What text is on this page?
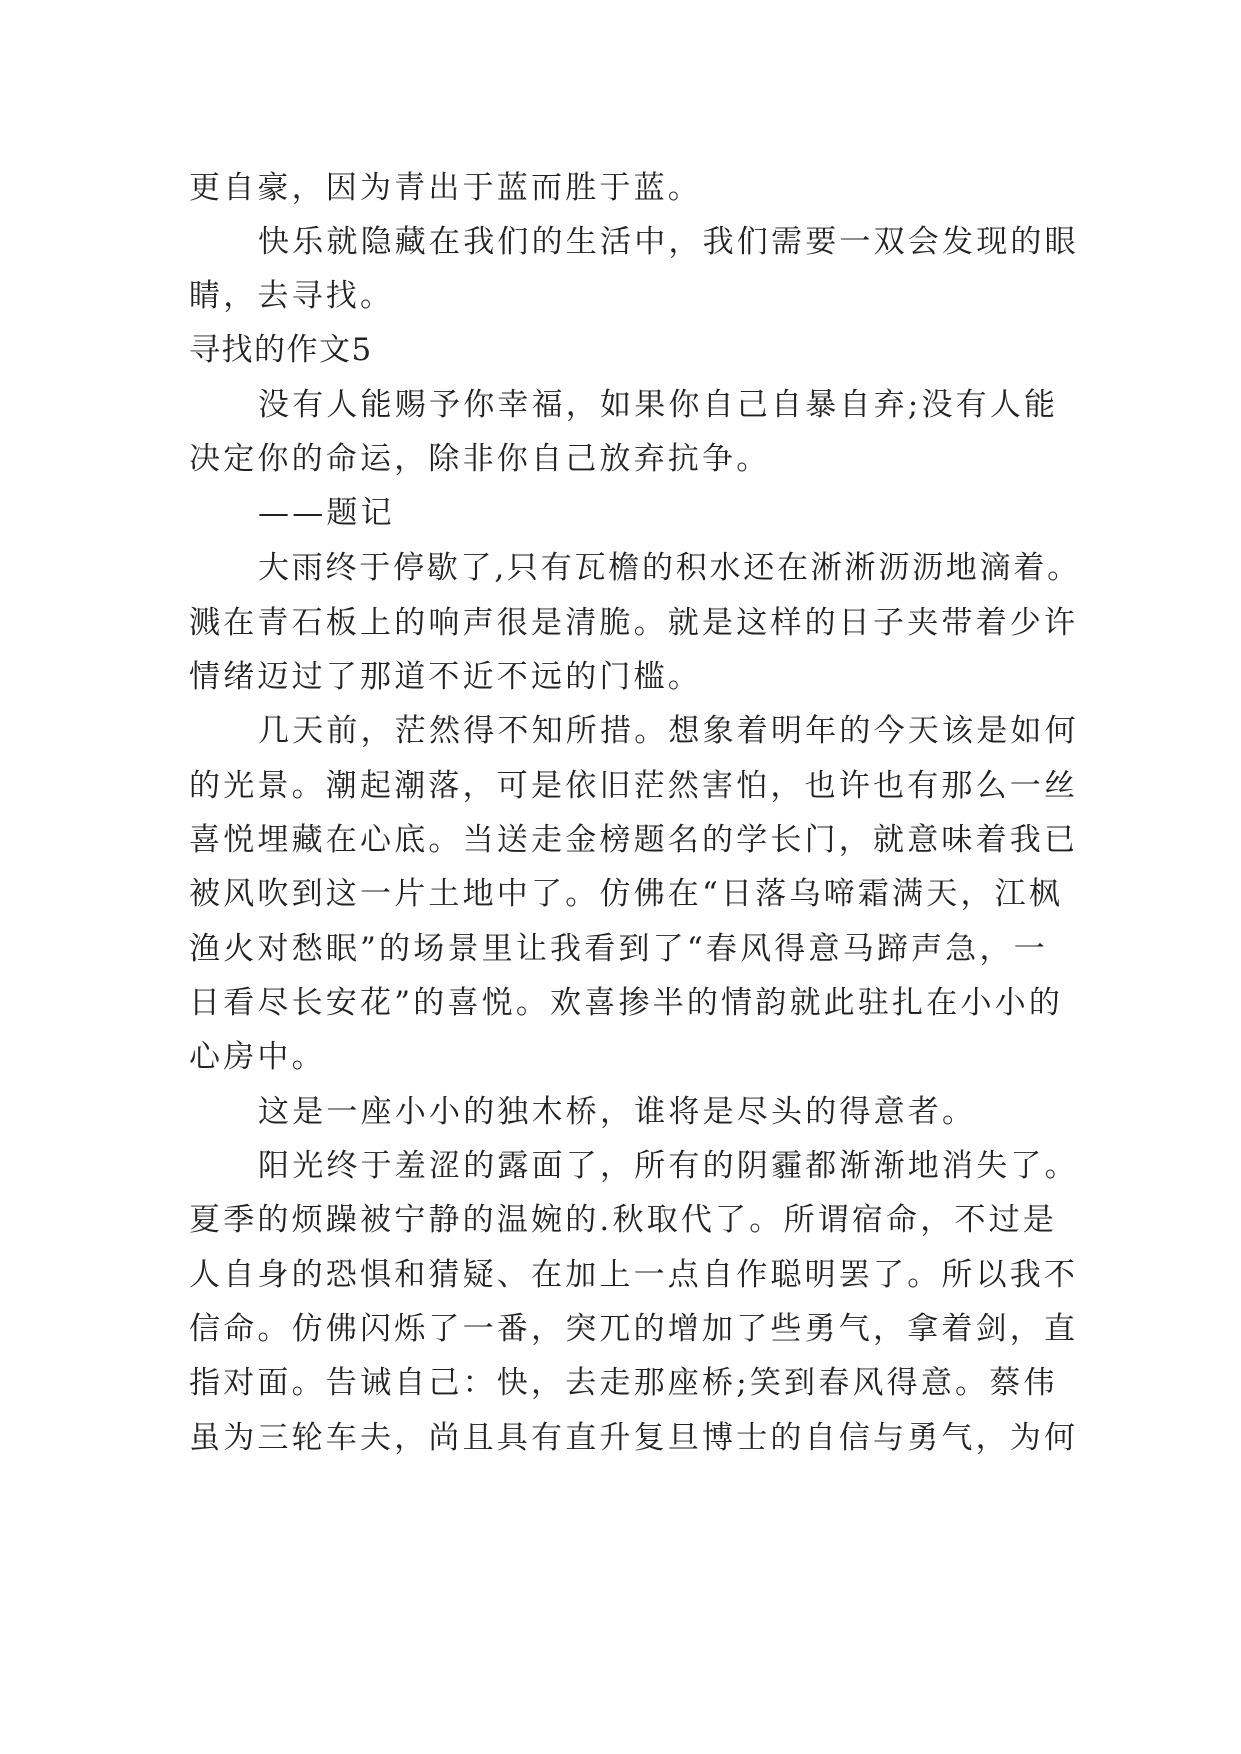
更自豪，因为青出于蓝而胜于蓝。
快乐就隐藏在我们的生活中，我们需要一双会发现的眼
睛，去寻找。
寻找的作文5
没有人能赐予你幸福，如果你自己自暴自弃;没有人能
决定你的命运，除非你自己放弃抗争。
——题记
大雨终于停歇了,只有瓦檐的积水还在淅淅沥沥地滴着。
溅在青石板上的响声很是清脆。就是这样的日子夹带着少许
情绪迈过了那道不近不远的门槛。
几天前，茫然得不知所措。想象着明年的今天该是如何
的光景。潮起潮落，可是依旧茫然害怕，也许也有那么一丝
喜悦埋藏在心底。当送走金榜题名的学长门，就意味着我已
被风吹到这一片土地中了。仿佛在“日落乌啼霜满天，江枫
渔火对愁眠”的场景里让我看到了“春风得意马蹄声急，一
日看尽长安花”的喜悦。欢喜掺半的情韵就此驻扎在小小的
心房中。
这是一座小小的独木桥，谁将是尽头的得意者。
阳光终于羞涩的露面了，所有的阴霾都渐渐地消失了。
夏季的烦躁被宁静的温婉的.秋取代了。所谓宿命，不过是
人自身的恐惧和猜疑、在加上一点自作聪明罢了。所以我不
信命。仿佛闪烁了一番，突兀的增加了些勇气，拿着剑，直
指对面。告诫自己：快，去走那座桥;笑到春风得意。蔡伟
虽为三轮车夫，尚且具有直升复旦博士的自信与勇气，为何
